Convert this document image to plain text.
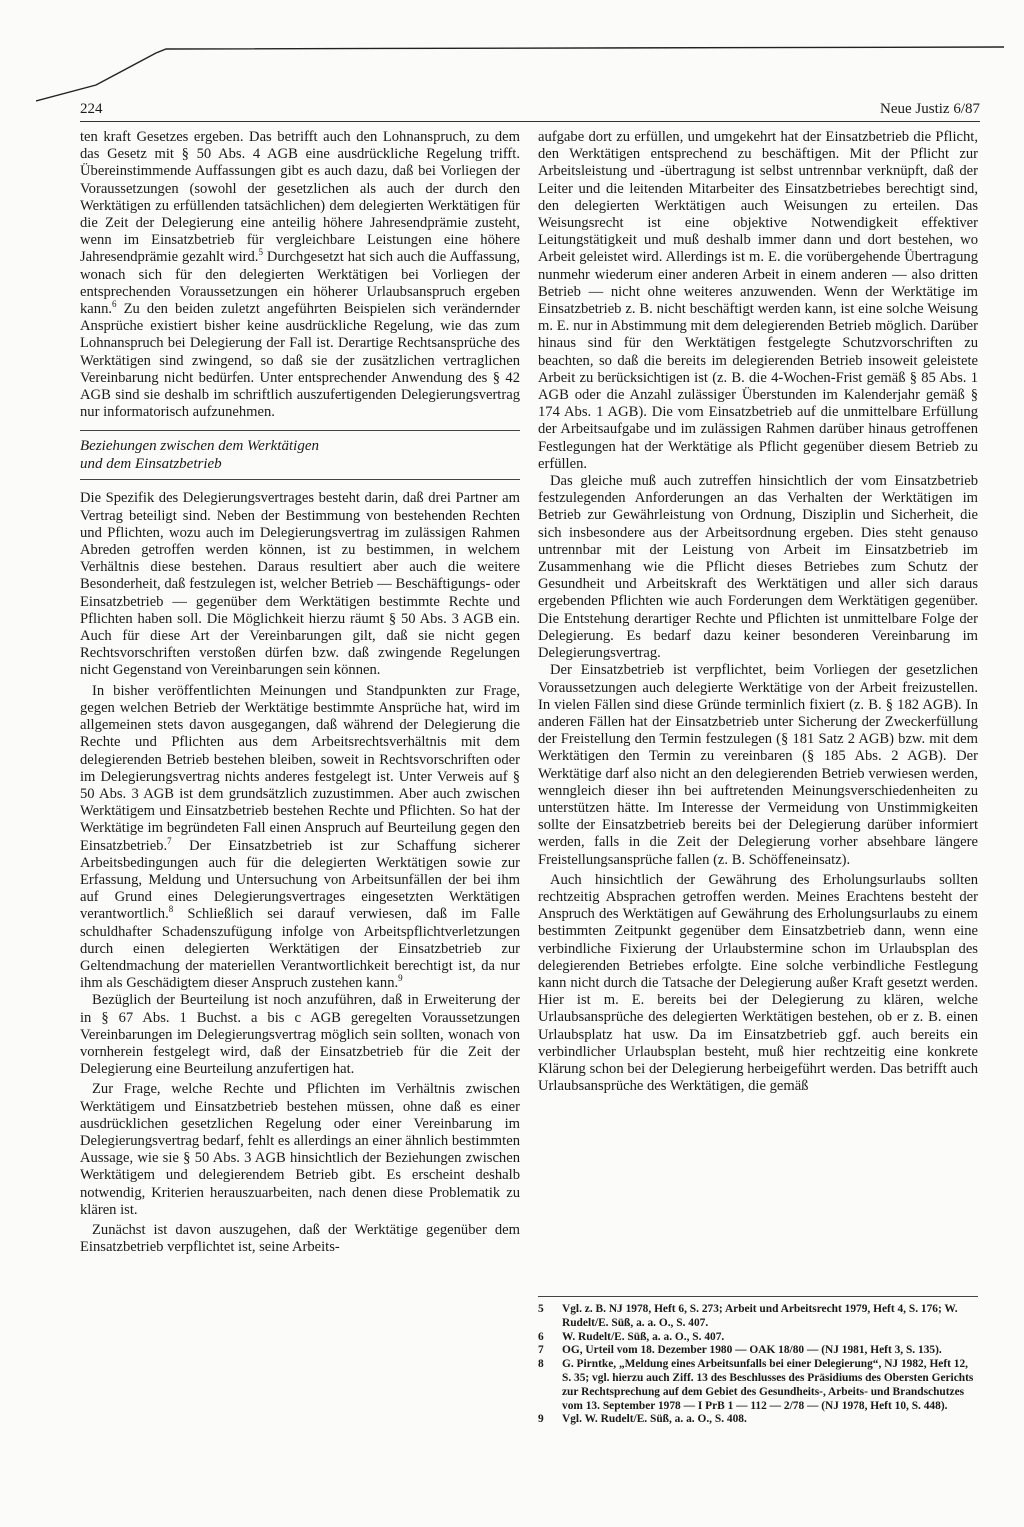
224	Neue Justiz 6/87

ten kraft Gesetzes ergeben. Das betrifft auch den Lohnanspruch, zu dem das Gesetz mit § 50 Abs. 4 AGB eine ausdrückliche Regelung trifft. Übereinstimmende Auffassungen gibt es auch dazu, daß bei Vorliegen der Voraussetzungen (sowohl der gesetzlichen als auch der durch den Werktätigen zu erfüllenden tatsächlichen) dem delegierten Werktätigen für die Zeit der Delegierung eine anteilig höhere Jahresendprämie zusteht, wenn im Einsatzbetrieb für vergleichbare Leistungen eine höhere Jahresendprämie gezahlt wird.$^5$ Durchgesetzt hat sich auch die Auffassung, wonach sich für den delegierten Werktätigen bei Vorliegen der entsprechenden Voraussetzungen ein höherer Urlaubsanspruch ergeben kann.$^6$ Zu den beiden zuletzt angeführten Beispielen sich verändernder Ansprüche existiert bisher keine ausdrückliche Regelung, wie das zum Lohnanspruch bei Delegierung der Fall ist. Derartige Rechtsansprüche des Werktätigen sind zwingend, so daß sie der zusätzlichen vertraglichen Vereinbarung nicht bedürfen. Unter entsprechender Anwendung des § 42 AGB sind sie deshalb im schriftlich auszufertigenden Delegierungsvertrag nur informatorisch aufzunehmen.

Beziehungen zwischen dem Werktätigen
und dem Einsatzbetrieb

Die Spezifik des Delegierungsvertrages besteht darin, daß drei Partner am Vertrag beteiligt sind. Neben der Bestimmung von bestehenden Rechten und Pflichten, wozu auch im Delegierungsvertrag im zulässigen Rahmen Abreden getroffen werden können, ist zu bestimmen, in welchem Verhältnis diese bestehen. Daraus resultiert aber auch die weitere Besonderheit, daß festzulegen ist, welcher Betrieb — Beschäftigungs- oder Einsatzbetrieb — gegenüber dem Werktätigen bestimmte Rechte und Pflichten haben soll. Die Möglichkeit hierzu räumt § 50 Abs. 3 AGB ein. Auch für diese Art der Vereinbarungen gilt, daß sie nicht gegen Rechtsvorschriften verstoßen dürfen bzw. daß zwingende Regelungen nicht Gegenstand von Vereinbarungen sein können.

In bisher veröffentlichten Meinungen und Standpunkten zur Frage, gegen welchen Betrieb der Werktätige bestimmte Ansprüche hat, wird im allgemeinen stets davon ausgegangen, daß während der Delegierung die Rechte und Pflichten aus dem Arbeitsrechtsverhältnis mit dem delegierenden Betrieb bestehen bleiben, soweit in Rechtsvorschriften oder im Delegierungsvertrag nichts anderes festgelegt ist. Unter Verweis auf § 50 Abs. 3 AGB ist dem grundsätzlich zuzustimmen. Aber auch zwischen Werktätigem und Einsatzbetrieb bestehen Rechte und Pflichten. So hat der Werktätige im begründeten Fall einen Anspruch auf Beurteilung gegen den Einsatzbetrieb.$^7$ Der Einsatzbetrieb ist zur Schaffung sicherer Arbeitsbedingungen auch für die delegierten Werktätigen sowie zur Erfassung, Meldung und Untersuchung von Arbeitsunfällen der bei ihm auf Grund eines Delegierungsvertrages eingesetzten Werktätigen verantwortlich.$^8$ Schließlich sei darauf verwiesen, daß im Falle schuldhafter Schadenszufügung infolge von Arbeitspflichtverletzungen durch einen delegierten Werktätigen der Einsatzbetrieb zur Geltendmachung der materiellen Verantwortlichkeit berechtigt ist, da nur ihm als Geschädigtem dieser Anspruch zustehen kann.$^9$

Bezüglich der Beurteilung ist noch anzuführen, daß in Erweiterung der in § 67 Abs. 1 Buchst. a bis c AGB geregelten Voraussetzungen Vereinbarungen im Delegierungsvertrag möglich sein sollten, wonach von vornherein festgelegt wird, daß der Einsatzbetrieb für die Zeit der Delegierung eine Beurteilung anzufertigen hat.

Zur Frage, welche Rechte und Pflichten im Verhältnis zwischen Werktätigem und Einsatzbetrieb bestehen müssen, ohne daß es einer ausdrücklichen gesetzlichen Regelung oder einer Vereinbarung im Delegierungsvertrag bedarf, fehlt es allerdings an einer ähnlich bestimmten Aussage, wie sie § 50 Abs. 3 AGB hinsichtlich der Beziehungen zwischen Werktätigem und delegierendem Betrieb gibt. Es erscheint deshalb notwendig, Kriterien herauszuarbeiten, nach denen diese Problematik zu klären ist.

Zunächst ist davon auszugehen, daß der Werktätige gegenüber dem Einsatzbetrieb verpflichtet ist, seine Arbeits-

aufgabe dort zu erfüllen, und umgekehrt hat der Einsatzbetrieb die Pflicht, den Werktätigen entsprechend zu beschäftigen. Mit der Pflicht zur Arbeitsleistung und -übertragung ist selbst untrennbar verknüpft, daß der Leiter und die leitenden Mitarbeiter des Einsatzbetriebes berechtigt sind, den delegierten Werktätigen auch Weisungen zu erteilen. Das Weisungsrecht ist eine objektive Notwendigkeit effektiver Leitungstätigkeit und muß deshalb immer dann und dort bestehen, wo Arbeit geleistet wird. Allerdings ist m. E. die vorübergehende Übertragung nunmehr wiederum einer anderen Arbeit in einem anderen — also dritten Betrieb — nicht ohne weiteres anzuwenden. Wenn der Werktätige im Einsatzbetrieb z. B. nicht beschäftigt werden kann, ist eine solche Weisung m. E. nur in Abstimmung mit dem delegierenden Betrieb möglich. Darüber hinaus sind für den Werktätigen festgelegte Schutzvorschriften zu beachten, so daß die bereits im delegierenden Betrieb insoweit geleistete Arbeit zu berücksichtigen ist (z. B. die 4-Wochen-Frist gemäß § 85 Abs. 1 AGB oder die Anzahl zulässiger Überstunden im Kalenderjahr gemäß § 174 Abs. 1 AGB). Die vom Einsatzbetrieb auf die unmittelbare Erfüllung der Arbeitsaufgabe und im zulässigen Rahmen darüber hinaus getroffenen Festlegungen hat der Werktätige als Pflicht gegenüber diesem Betrieb zu erfüllen.

Das gleiche muß auch zutreffen hinsichtlich der vom Einsatzbetrieb festzulegenden Anforderungen an das Verhalten der Werktätigen im Betrieb zur Gewährleistung von Ordnung, Disziplin und Sicherheit, die sich insbesondere aus der Arbeitsordnung ergeben. Dies steht genauso untrennbar mit der Leistung von Arbeit im Einsatzbetrieb im Zusammenhang wie die Pflicht dieses Betriebes zum Schutz der Gesundheit und Arbeitskraft des Werktätigen und aller sich daraus ergebenden Pflichten wie auch Forderungen dem Werktätigen gegenüber. Die Entstehung derartiger Rechte und Pflichten ist unmittelbare Folge der Delegierung. Es bedarf dazu keiner besonderen Vereinbarung im Delegierungsvertrag.

Der Einsatzbetrieb ist verpflichtet, beim Vorliegen der gesetzlichen Voraussetzungen auch delegierte Werktätige von der Arbeit freizustellen. In vielen Fällen sind diese Gründe terminlich fixiert (z. B. § 182 AGB). In anderen Fällen hat der Einsatzbetrieb unter Sicherung der Zweckerfüllung der Freistellung den Termin festzulegen (§ 181 Satz 2 AGB) bzw. mit dem Werktätigen den Termin zu vereinbaren (§ 185 Abs. 2 AGB). Der Werktätige darf also nicht an den delegierenden Betrieb verwiesen werden, wenngleich dieser ihn bei auftretenden Meinungsverschiedenheiten zu unterstützen hätte. Im Interesse der Vermeidung von Unstimmigkeiten sollte der Einsatzbetrieb bereits bei der Delegierung darüber informiert werden, falls in die Zeit der Delegierung vorher absehbare längere Freistellungsansprüche fallen (z. B. Schöffeneinsatz).

Auch hinsichtlich der Gewährung des Erholungsurlaubs sollten rechtzeitig Absprachen getroffen werden. Meines Erachtens besteht der Anspruch des Werktätigen auf Gewährung des Erholungsurlaubs zu einem bestimmten Zeitpunkt gegenüber dem Einsatzbetrieb dann, wenn eine verbindliche Fixierung der Urlaubstermine schon im Urlaubsplan des delegierenden Betriebes erfolgte. Eine solche verbindliche Festlegung kann nicht durch die Tatsache der Delegierung außer Kraft gesetzt werden. Hier ist m. E. bereits bei der Delegierung zu klären, welche Urlaubsansprüche des delegierten Werktätigen bestehen, ob er z. B. einen Urlaubsplatz hat usw. Da im Einsatzbetrieb ggf. auch bereits ein verbindlicher Urlaubsplan besteht, muß hier rechtzeitig eine konkrete Klärung schon bei der Delegierung herbeigeführt werden. Das betrifft auch Urlaubsansprüche des Werktätigen, die gemäß

5	Vgl. z. B. NJ 1978, Heft 6, S. 273; Arbeit und Arbeitsrecht 1979, Heft 4, S. 176; W. Rudelt/E. Süß, a. a. O., S. 407.

6	W. Rudelt/E. Süß, a. a. O., S. 407.

7	OG, Urteil vom 18. Dezember 1980 — OAK 18/80 — (NJ 1981, Heft 3, S. 135).

8	G. Pirntke, „Meldung eines Arbeitsunfalls bei einer Delegierung“, NJ 1982, Heft 12, S. 35; vgl. hierzu auch Ziff. 13 des Beschlusses des Präsidiums des Obersten Gerichts zur Rechtsprechung auf dem Gebiet des Gesundheits-, Arbeits- und Brandschutzes vom 13. September 1978 — I PrB 1 — 112 — 2/78 — (NJ 1978, Heft 10, S. 448).

9	Vgl. W. Rudelt/E. Süß, a. a. O., S. 408.
